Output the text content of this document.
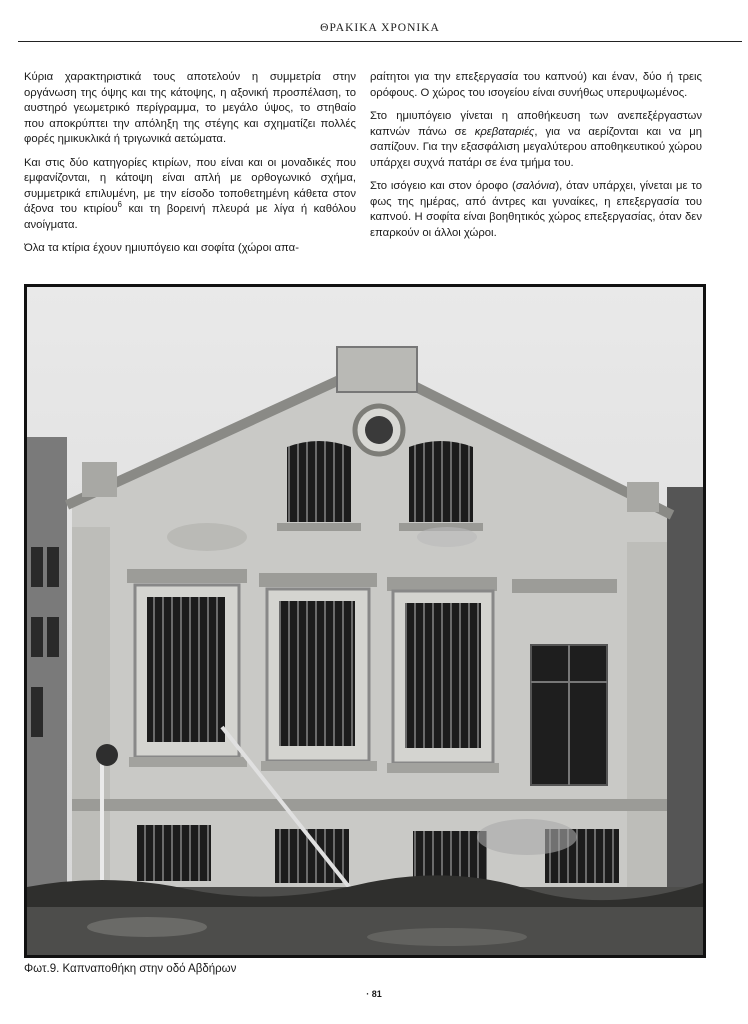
ΘΡΑΚΙΚΑ ΧΡΟΝΙΚΑ

Κύρια χαρακτηριστικά τους αποτελούν η συμμετρία στην οργάνωση της όψης και της κάτοψης, η αξονική προσπέλαση, το αυστηρό γεωμετρικό περίγραμμα, το μεγάλο ύψος, το στηθαίο που αποκρύπτει την απόληξη της στέγης και σχηματίζει πολλές φορές ημικυκλικά ή τριγωνικά αετώματα.

Και στις δύο κατηγορίες κτιρίων, που είναι και οι μοναδικές που εμφανίζονται, η κάτοψη είναι απλή με ορθογωνικό σχήμα, συμμετρικά επιλυμένη, με την είσοδο τοποθετημένη κάθετα στον άξονα του κτιρίου$^6$ και τη βορεινή πλευρά με λίγα ή καθόλου ανοίγματα.

Όλα τα κτίρια έχουν ημιυπόγειο και σοφίτα (χώροι απα-

ραίτητοι για την επεξεργασία του καπνού) και έναν, δύο ή τρεις ορόφους. Ο χώρος του ισογείου είναι συνήθως υπερυψωμένος.

Στο ημιυπόγειο γίνεται η αποθήκευση των ανεπεξέργαστων καπνών πάνω σε κρεβαταριές, για να αερίζονται και να μη σαπίζουν. Για την εξασφάλιση μεγαλύτερου αποθηκευτικού χώρου υπάρχει συχνά πατάρι σε ένα τμήμα του.

Στο ισόγειο και στον όροφο (σαλόνια), όταν υπάρχει, γίνεται με το φως της ημέρας, από άντρες και γυναίκες, η επεξεργασία του καπνού. Η σοφίτα είναι βοηθητικός χώρος επεξεργασίας, όταν δεν επαρκούν οι άλλοι χώροι.

Φωτ.9. Καπναποθήκη στην οδό Αβδήρων
· 81
